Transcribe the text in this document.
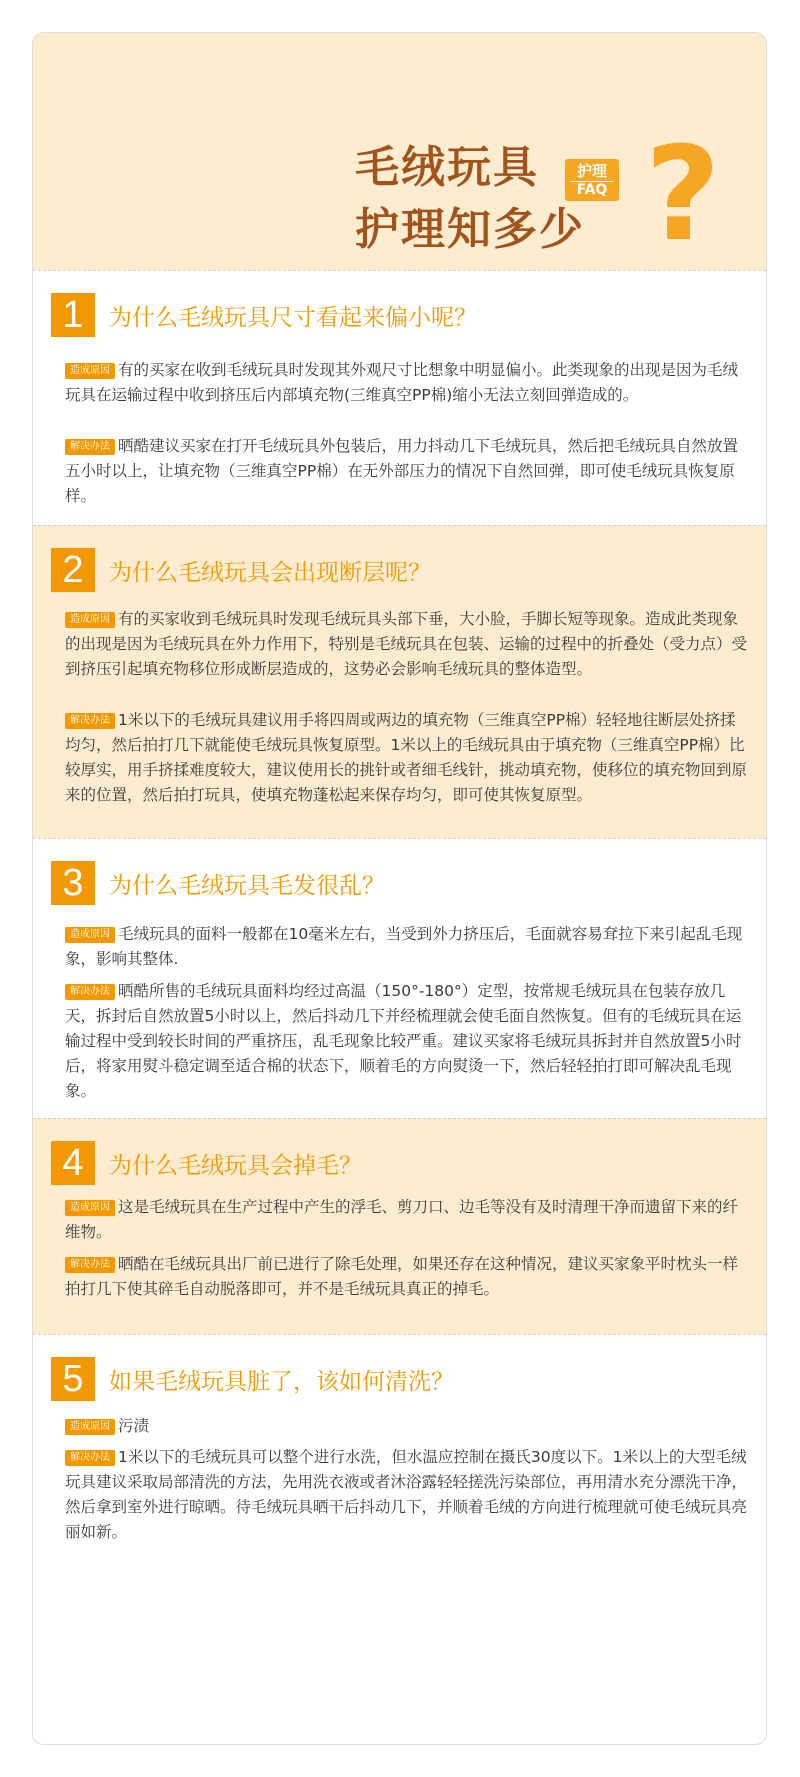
毛绒玩具
护理知多少
护理
FAQ ?
1	为什么毛绒玩具尺寸看起来偏小呢？
造成原因 有的买家在收到毛绒玩具时发现其外观尺寸比想象中明显偏小。此类现象的出现是因为毛绒玩具在运输过程中收到挤压后内部填充物(三维真空PP棉)缩小无法立刻回弹造成的。
解决办法 晒酷建议买家在打开毛绒玩具外包装后，用力抖动几下毛绒玩具，然后把毛绒玩具自然放置五小时以上，让填充物（三维真空PP棉）在无外部压力的情况下自然回弹，即可使毛绒玩具恢复原样。
2	为什么毛绒玩具会出现断层呢？
造成原因 有的买家收到毛绒玩具时发现毛绒玩具头部下垂，大小脸，手脚长短等现象。造成此类现象的出现是因为毛绒玩具在外力作用下，特别是毛绒玩具在包装、运输的过程中的折叠处（受力点）受到挤压引起填充物移位形成断层造成的，这势必会影响毛绒玩具的整体造型。
解决办法 1米以下的毛绒玩具建议用手将四周或两边的填充物（三维真空PP棉）轻轻地往断层处挤揉均匀，然后拍打几下就能使毛绒玩具恢复原型。1米以上的毛绒玩具由于填充物（三维真空PP棉）比较厚实，用手挤揉难度较大，建议使用长的挑针或者细毛线针，挑动填充物，使移位的填充物回到原来的位置，然后拍打玩具，使填充物蓬松起来保存均匀，即可使其恢复原型。
3	为什么毛绒玩具毛发很乱？
造成原因 毛绒玩具的面料一般都在10毫米左右，当受到外力挤压后，毛面就容易耷拉下来引起乱毛现象，影响其整体.
解决办法 晒酷所售的毛绒玩具面料均经过高温（150°-180°）定型，按常规毛绒玩具在包装存放几天，拆封后自然放置5小时以上，然后抖动几下并经梳理就会使毛面自然恢复。但有的毛绒玩具在运输过程中受到较长时间的严重挤压，乱毛现象比较严重。建议买家将毛绒玩具拆封并自然放置5小时后，将家用熨斗稳定调至适合棉的状态下，顺着毛的方向熨烫一下，然后轻轻拍打即可解决乱毛现象。
4	为什么毛绒玩具会掉毛？
造成原因 这是毛绒玩具在生产过程中产生的浮毛、剪刀口、边毛等没有及时清理干净而遗留下来的纤维物。
解决办法 晒酷在毛绒玩具出厂前已进行了除毛处理，如果还存在这种情况，建议买家象平时枕头一样拍打几下使其碎毛自动脱落即可，并不是毛绒玩具真正的掉毛。
5	如果毛绒玩具脏了，该如何清洗？
造成原因 污渍
解决办法 1米以下的毛绒玩具可以整个进行水洗，但水温应控制在摄氏30度以下。1米以上的大型毛绒玩具建议采取局部清洗的方法，先用洗衣液或者沐浴露轻轻搓洗污染部位，再用清水充分漂洗干净，然后拿到室外进行晾晒。待毛绒玩具晒干后抖动几下，并顺着毛绒的方向进行梳理就可使毛绒玩具亮丽如新。
